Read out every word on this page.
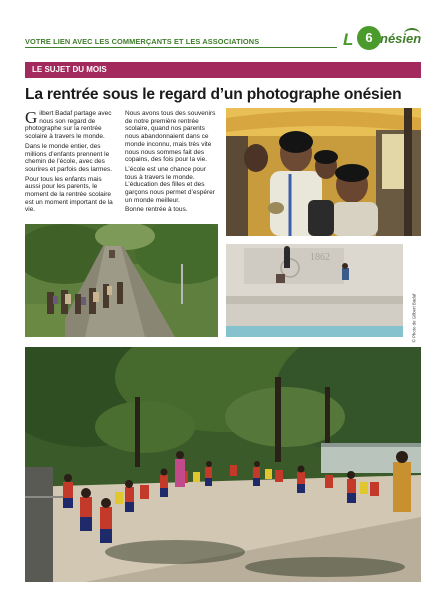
VOTRE LIEN AVEC LES COMMERÇANTS ET LES ASSOCIATIONS	L 6 nésien
LE SUJET DU MOIS
La rentrée sous le regard d’un photographe onésien

Gilbert Badaf partage avec nous son regard de photographe sur la rentrée scolaire à travers le monde.

Dans le monde entier, des millions d’enfants prennent le chemin de l’école, avec des sourires et parfois des larmes.

Pour tous les enfants mais aussi pour les parents, le moment de la rentrée scolaire est un moment important de la vie.

Nous avons tous des souvenirs de notre première rentrée scolaire, quand nos parents nous abandonnaient dans ce monde inconnu, mais très vite nous nous sommes fait des copains, des fois pour la vie.

L’école est une chance pour tous à travers le monde. L’éducation des filles et des garçons nous permet d’espérer un monde meilleur.

Bonne rentrée à tous.

1862
© Photo de Gilbert Badaf
